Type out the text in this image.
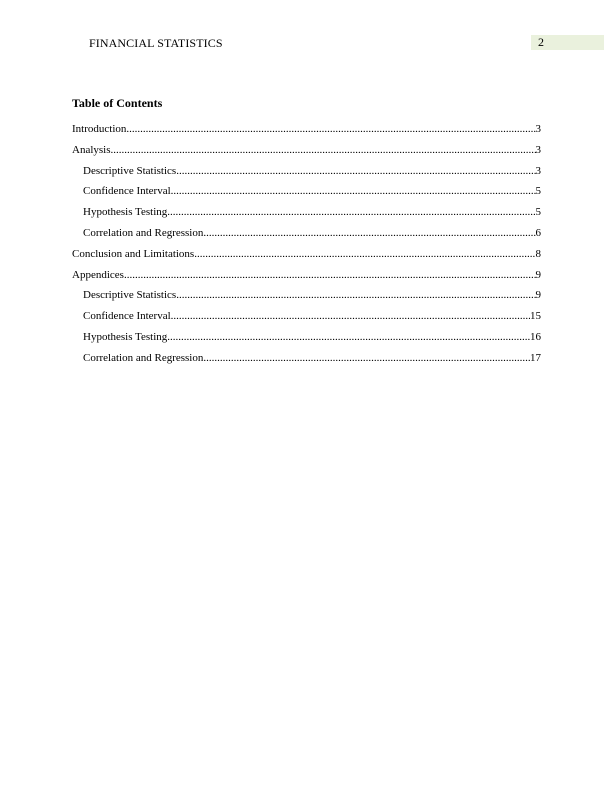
FINANCIAL STATISTICS	2
Table of Contents
Introduction .....	3
Analysis .....	3
Descriptive Statistics .....	3
Confidence Interval .....	5
Hypothesis Testing .....	5
Correlation and Regression .....	6
Conclusion and Limitations .....	8
Appendices .....	9
Descriptive Statistics .....	9
Confidence Interval .....	15
Hypothesis Testing .....	16
Correlation and Regression .....	17
